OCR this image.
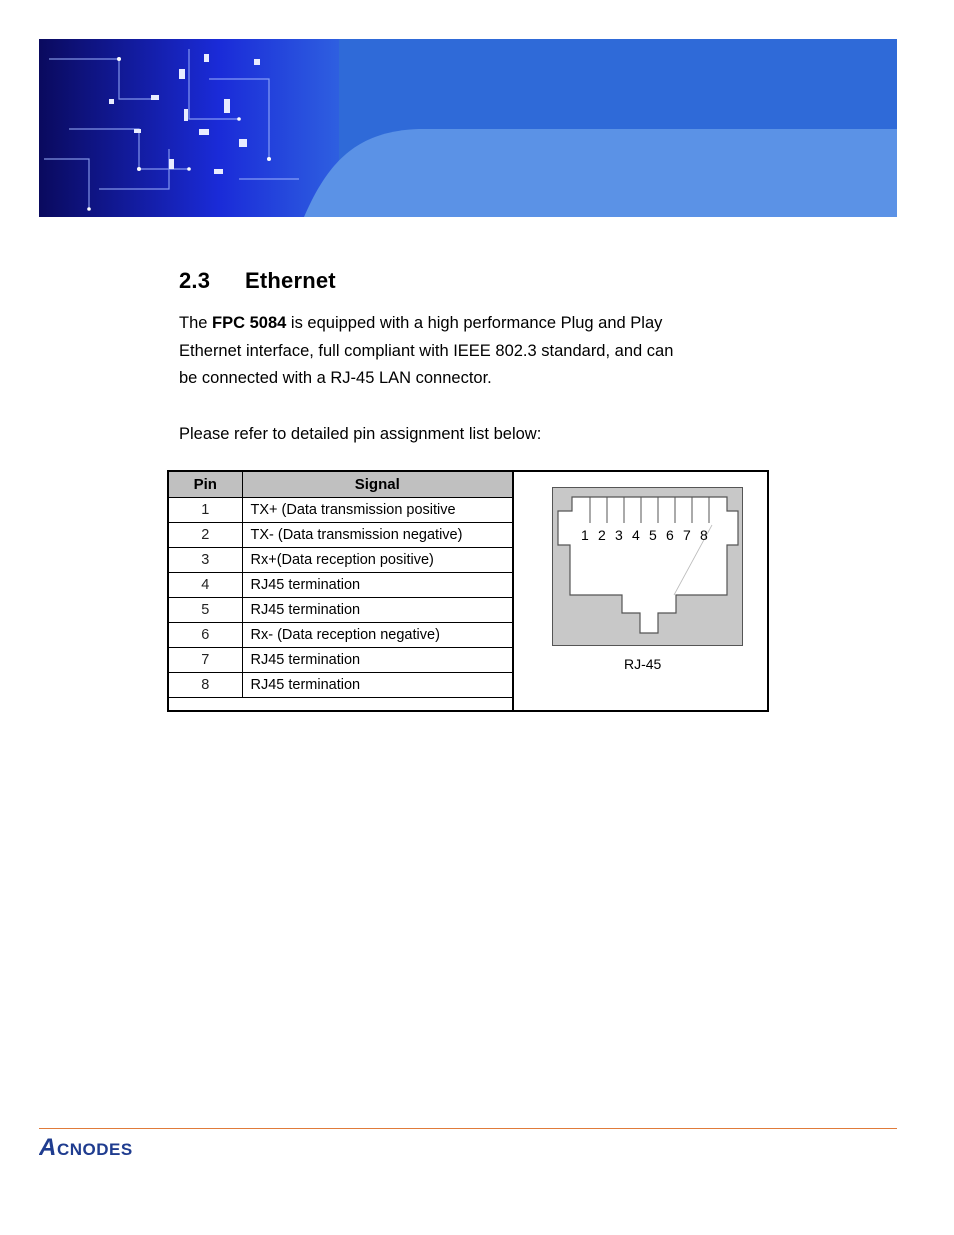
2.3 Ethernet
The FPC 5084 is equipped with a high performance Plug and Play
Ethernet interface, full compliant with IEEE 802.3 standard, and can
be connected with a RJ-45 LAN connector.
Please refer to detailed pin assignment list below:
Pin	Signal
1	TX+ (Data transmission positive
2	TX- (Data transmission negative)
3	Rx+(Data reception positive)
4	RJ45 termination
5	RJ45 termination
6	Rx- (Data reception negative)
7	RJ45 termination
8	RJ45 termination
1 2 3 4 5 6 7 8
RJ-45
A CNODES
